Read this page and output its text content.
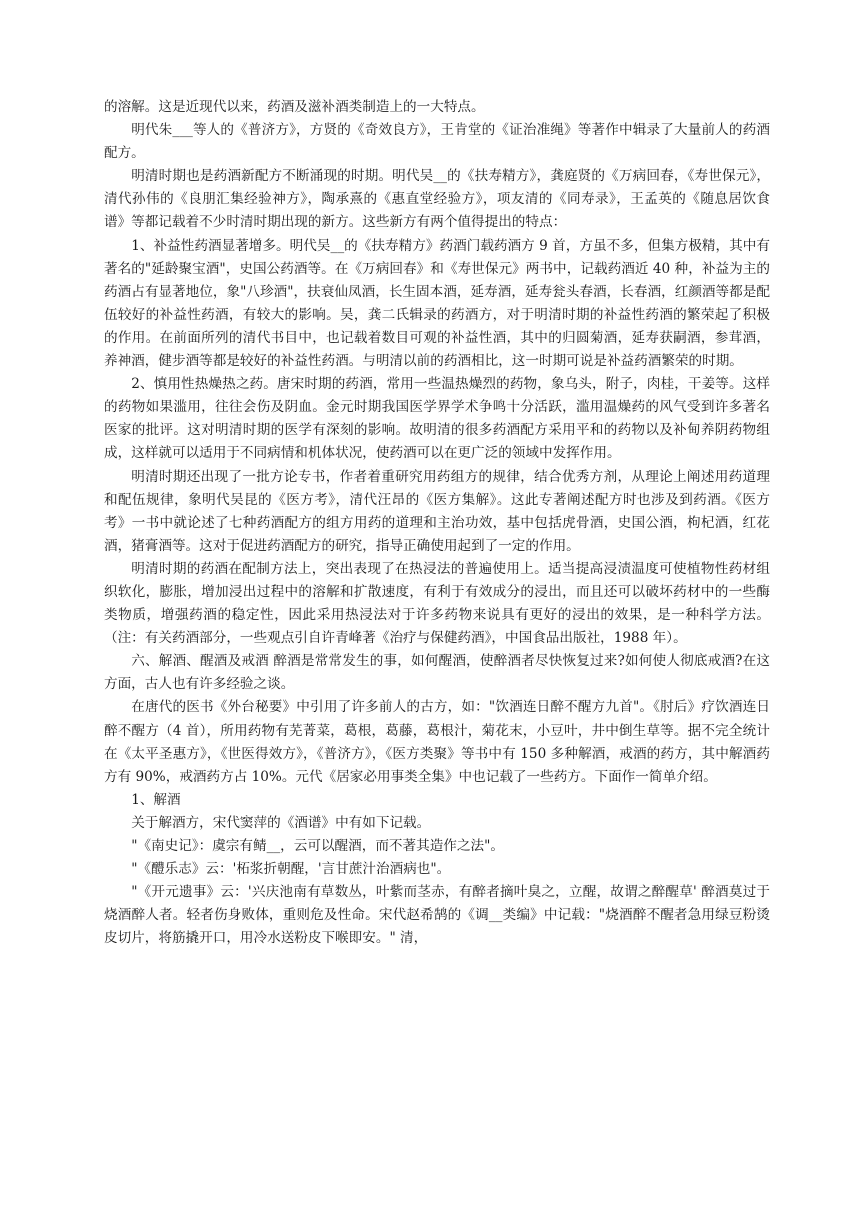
的溶解。这是近现代以来，药酒及滋补酒类制造上的一大特点。

明代朱___等人的《普济方》，方贤的《奇效良方》，王肯堂的《证治准绳》等著作中辑录了大量前人的药酒配方。

明清时期也是药酒新配方不断涌现的时期。明代吴__的《扶寿精方》，龚庭贤的《万病回春，《寿世保元》，清代孙伟的《良朋汇集经验神方》，陶承熹的《惠直堂经验方》，项友清的《同寿录》，王孟英的《随息居饮食谱》等都记载着不少时清时期出现的新方。这些新方有两个值得提出的特点：

1、补益性药酒显著增多。明代吴__的《扶寿精方》药酒门载药酒方 9 首，方虽不多，但集方极精，其中有著名的"延龄聚宝酒"，史国公药酒等。在《万病回春》和《寿世保元》两书中，记载药酒近 40 种，补益为主的药酒占有显著地位，象"八珍酒"，扶衰仙凤酒，长生固本酒，延寿酒，延寿瓮头春酒，长春酒，红颜酒等都是配伍较好的补益性药酒，有较大的影响。吴，龚二氏辑录的药酒方，对于明清时期的补益性药酒的繁荣起了积极的作用。在前面所列的清代书目中，也记载着数目可观的补益性酒，其中的归圆菊酒，延寿获嗣酒，参茸酒，养神酒，健步酒等都是较好的补益性药酒。与明清以前的药酒相比，这一时期可说是补益药酒繁荣的时期。

2、慎用性热燥热之药。唐宋时期的药酒，常用一些温热燥烈的药物，象乌头，附子，肉桂，干姜等。这样的药物如果滥用，往往会伤及阴血。金元时期我国医学界学术争鸣十分活跃，滥用温燥药的风气受到许多著名医家的批评。这对明清时期的医学有深刻的影响。故明清的很多药酒配方采用平和的药物以及补甸养阴药物组成，这样就可以适用于不同病情和机体状况，使药酒可以在更广泛的领域中发挥作用。

明清时期还出现了一批方论专书，作者着重研究用药组方的规律，结合优秀方剂，从理论上阐述用药道理和配伍规律，象明代吴昆的《医方考》，清代汪昂的《医方集解》。这此专著阐述配方时也涉及到药酒。《医方考》一书中就论述了七种药酒配方的组方用药的道理和主治功效，基中包括虎骨酒，史国公酒，枸杞酒，红花酒，猪膏酒等。这对于促进药酒配方的研究，指导正确使用起到了一定的作用。

明清时期的药酒在配制方法上，突出表现了在热浸法的普遍使用上。适当提高浸渍温度可使植物性药材组织软化，膨胀，增加浸出过程中的溶解和扩散速度，有利于有效成分的浸出，而且还可以破坏药材中的一些酶类物质，增强药酒的稳定性，因此采用热浸法对于许多药物来说具有更好的浸出的效果，是一种科学方法。（注：有关药酒部分，一些观点引自许青峰著《治疗与保健药酒》，中国食品出版社，1988 年）。

六、解酒、醒酒及戒酒 醉酒是常常发生的事，如何醒酒，使醉酒者尽快恢复过来?如何使人彻底戒酒?在这方面，古人也有许多经验之谈。

在唐代的医书《外台秘要》中引用了许多前人的古方，如："饮酒连日醉不醒方九首"。《肘后》疗饮酒连日醉不醒方（4 首），所用药物有芜菁菜，葛根，葛藤，葛根汁，菊花末，小豆叶，井中倒生草等。据不完全统计在《太平圣惠方》，《世医得效方》，《普济方》，《医方类聚》等书中有 150 多种解酒，戒酒的药方，其中解酒药方有 90%，戒酒药方占 10%。元代《居家必用事类全集》中也记载了一些药方。下面作一简单介绍。

1、解酒

关于解酒方，宋代窦萍的《酒谱》中有如下记载。

"《南史记》：虞宗有鲭__，云可以醒酒，而不著其造作之法"。

"《醴乐志》云：'柘浆折朝醒，'言甘蔗汁治酒病也"。

"《开元遗事》云：'兴庆池南有草数丛，叶紫而茎赤，有醉者摘叶臭之，立醒，故谓之醉醒草' 醉酒莫过于烧酒醉人者。轻者伤身败体，重则危及性命。宋代赵希鹄的《调__类编》中记载："烧酒醉不醒者急用绿豆粉烫皮切片，将筋撬开口，用冷水送粉皮下喉即安。" 清，
